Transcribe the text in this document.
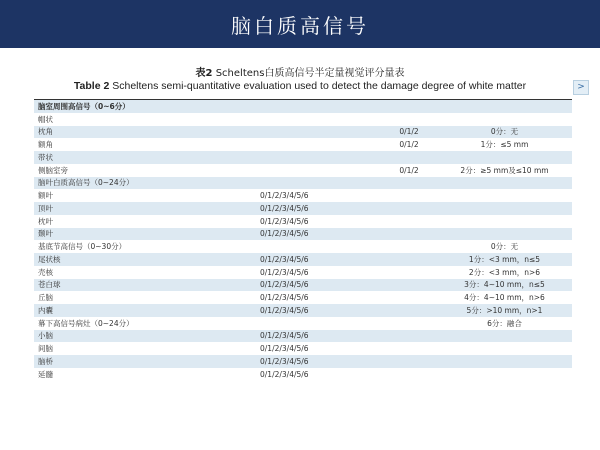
脑白质高信号
表2 Scheltens白质高信号半定量视觉评分量表
Table 2 Scheltens semi-quantitative evaluation used to detect the damage degree of white matter	>
脑室周围高信号（0~6分）			
帽状			
枕角		0/1/2	0分：无
额角		0/1/2	1分：≤5 mm
带状			
侧脑室旁		0/1/2	2分：≥5 mm及≤10 mm
脑叶白质高信号（0~24分）			
额叶	0/1/2/3/4/5/6		
顶叶	0/1/2/3/4/5/6		
枕叶	0/1/2/3/4/5/6		
颞叶	0/1/2/3/4/5/6		
基底节高信号（0~30分）			0分：无
尾状核	0/1/2/3/4/5/6		1分：<3 mm，n≤5
壳核	0/1/2/3/4/5/6		2分：<3 mm，n>6
苍白球	0/1/2/3/4/5/6		3分：4~10 mm，n≤5
丘脑	0/1/2/3/4/5/6		4分：4~10 mm，n>6
内囊	0/1/2/3/4/5/6		5分：>10 mm，n>1
幕下高信号病灶（0~24分）			6分：融合
小脑	0/1/2/3/4/5/6		
间脑	0/1/2/3/4/5/6		
脑桥	0/1/2/3/4/5/6		
延髓	0/1/2/3/4/5/6		
